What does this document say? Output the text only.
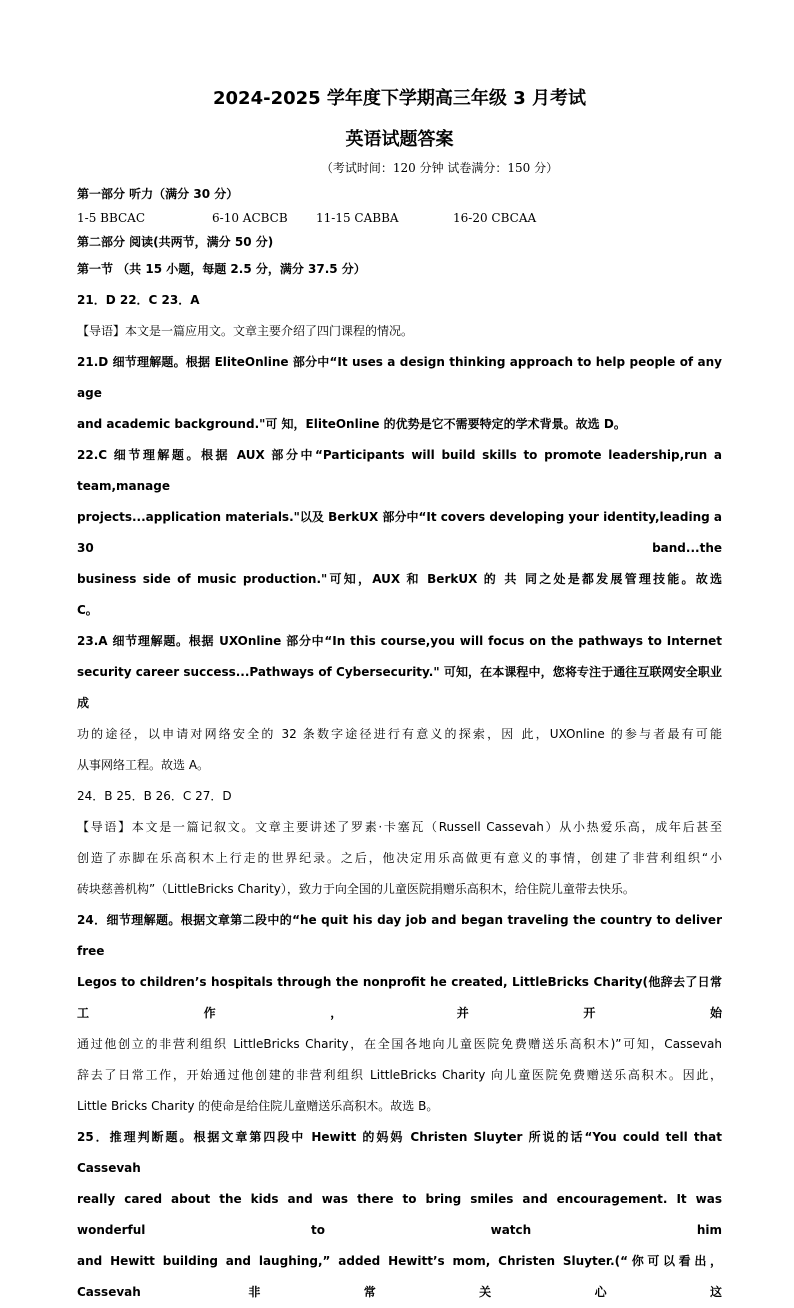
2024-2025 学年度下学期高三年级 3 月考试
英语试题答案
（考试时间：120 分钟 试卷满分：150 分）
第一部分 听力（满分 30 分）
1-5 BBCAC	6-10 ACBCB 11-15 CABBA	16-20 CBCAA
第二部分 阅读(共两节，满分 50 分)
第一节 （共 15 小题，每题 2.5 分，满分 37.5 分）
21．D 22．C 23．A
【导语】本文是一篇应用文。文章主要介绍了四门课程的情况。
21.D 细节理解题。根据 EliteOnline 部分中“It uses a design thinking approach to help people of any age
and academic background."可 知，EliteOnline 的优势是它不需要特定的学术背景。故选 D。
22.C 细节理解题。根据 AUX 部分中“Participants will build skills to promote leadership,run a team,manage
projects...application materials."以及 BerkUX 部分中“It covers developing your identity,leading a 30 band...the
business side of music production."可知，AUX 和 BerkUX 的 共 同之处是都发展管理技能。故选
C。
23.A 细节理解题。根据 UXOnline 部分中“In this course,you will focus on the pathways to Internet
security career success...Pathways of Cybersecurity." 可知，在本课程中，您将专注于通往互联网安全职业成
功的途径，以申请对网络安全的 32 条数字途径进行有意义的探索，因 此，UXOnline 的参与者最有可能
从事网络工程。故选 A。
24．B 25．B 26．C 27．D
【导语】本文是一篇记叙文。文章主要讲述了罗素·卡塞瓦（Russell Cassevah）从小热爱乐高，成年后甚至
创造了赤脚在乐高积木上行走的世界纪录。之后，他决定用乐高做更有意义的事情，创建了非营利组织“小
砖块慈善机构”（LittleBricks Charity），致力于向全国的儿童医院捐赠乐高积木，给住院儿童带去快乐。
24．细节理解题。根据文章第二段中的“he quit his day job and began traveling the country to deliver free
Legos to children’s hospitals through the nonprofit he created, LittleBricks Charity(他辞去了日常工作，并开始
通过他创立的非营利组织 LittleBricks Charity，在全国各地向儿童医院免费赠送乐高积木)”可知，Cassevah
辞去了日常工作，开始通过他创建的非营利组织 LittleBricks Charity 向儿童医院免费赠送乐高积木。因此，
Little Bricks Charity 的使命是给住院儿童赠送乐高积木。故选 B。
25．推理判断题。根据文章第四段中 Hewitt 的妈妈 Christen Sluyter 所说的话“You could tell that Cassevah
really cared about the kids and was there to bring smiles and encouragement. It was wonderful to watch him
and Hewitt building and laughing,” added Hewitt’s mom, Christen Sluyter.(“你可以看出，Cassevah 非常关心这
